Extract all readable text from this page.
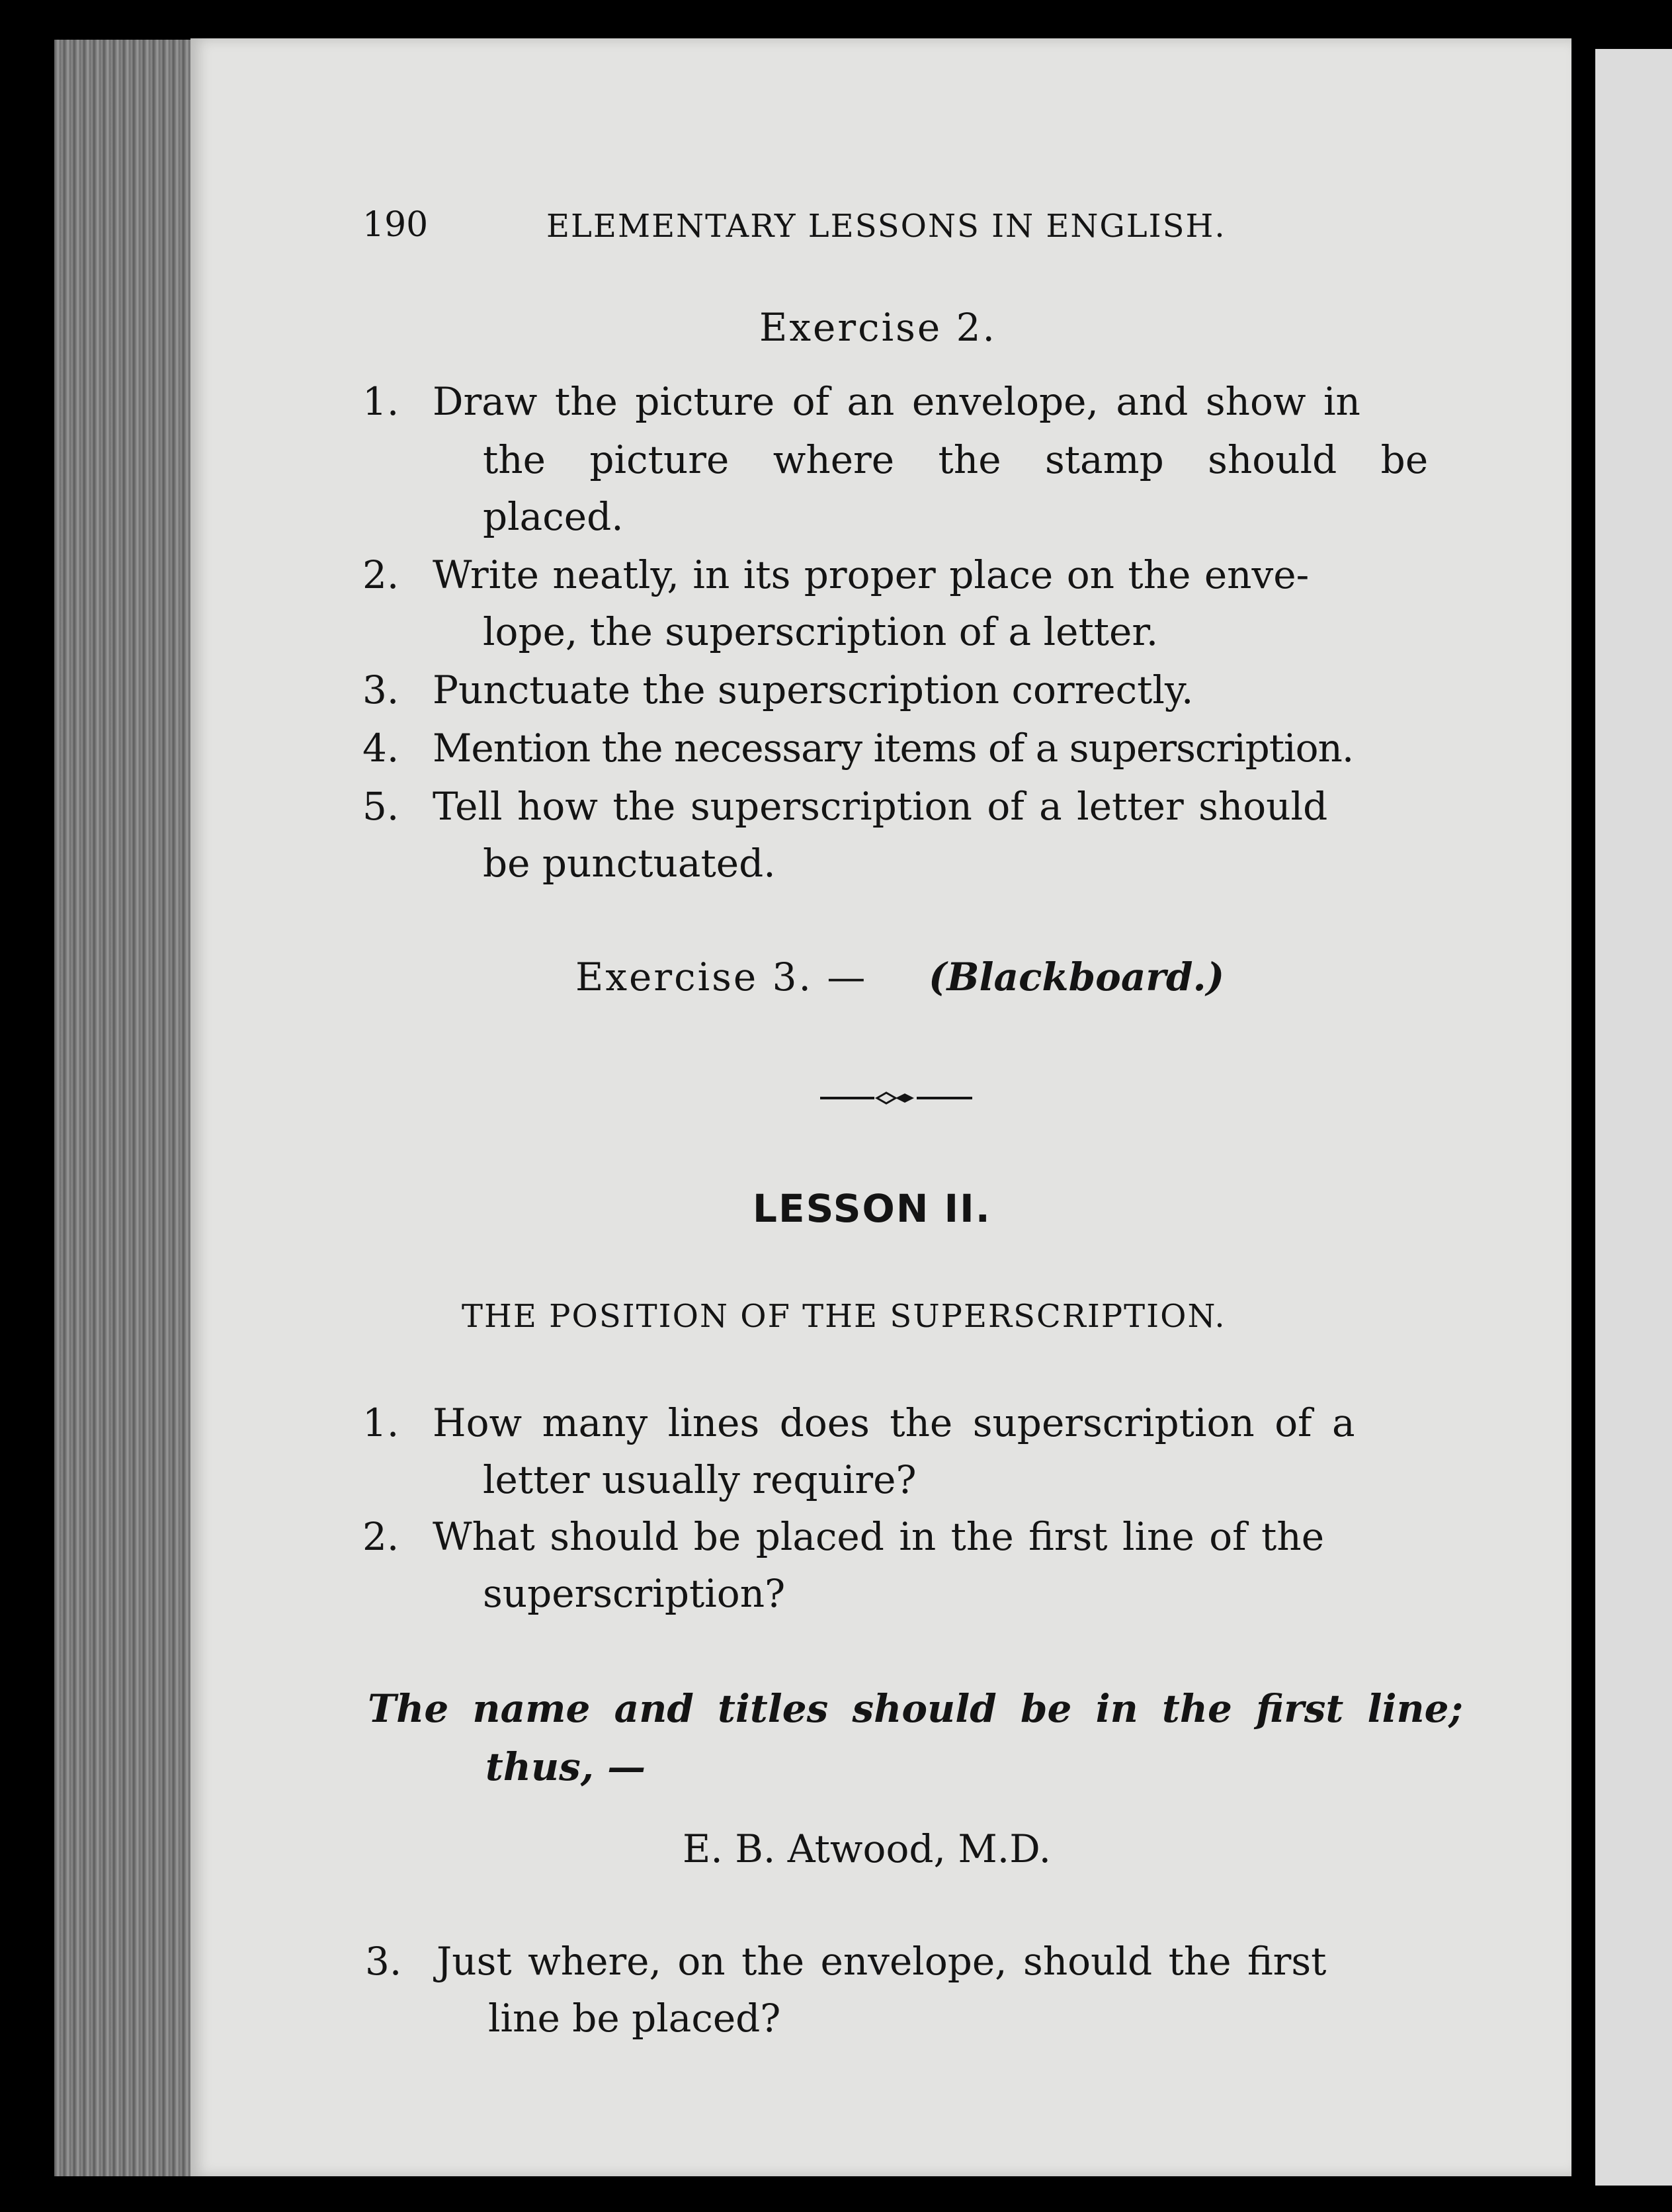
190	ELEMENTARY LESSONS IN ENGLISH.
Exercise 2.
1. Draw the picture of an envelope, and show in
the picture where the stamp should be
placed.
2. Write neatly, in its proper place on the enve-
lope, the superscription of a letter.
3. Punctuate the superscription correctly.
4. Mention the necessary items of a superscription.
5. Tell how the superscription of a letter should
be punctuated.
Exercise 3. — (Blackboard.)
LESSON II.
THE POSITION OF THE SUPERSCRIPTION.
1. How many lines does the superscription of a
letter usually require?
2. What should be placed in the first line of the
superscription?
The name and titles should be in the first line;
thus, —
E. B. Atwood, M.D.
3. Just where, on the envelope, should the first
line be placed?
